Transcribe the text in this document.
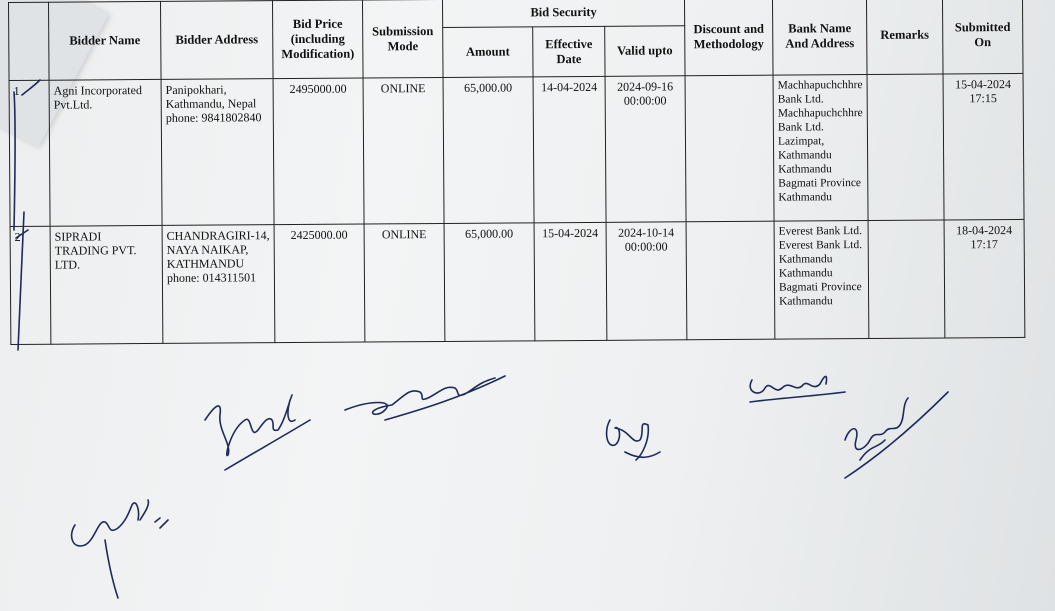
	Bidder Name	Bidder Address	Bid Price (including Modification)	Submission Mode	Bid Security			Discount and Methodology	Bank Name And Address	Remarks	Submitted On
					Amount	Effective Date	Valid upto				
1	Agni Incorporated Pvt.Ltd.	Panipokhari, Kathmandu, Nepal phone: 9841802840	2495000.00	ONLINE	65,000.00	14-04-2024	2024-09-16 00:00:00		Machhapuchchhre Bank Ltd. Machhapuchchhre Bank Ltd. Lazimpat, Kathmandu Kathmandu Bagmati Province Kathmandu		15-04-2024 17:15
2	SIPRADI TRADING PVT. LTD.	CHANDRAGIRI-14, NAYA NAIKAP, KATHMANDU phone: 014311501	2425000.00	ONLINE	65,000.00	15-04-2024	2024-10-14 00:00:00		Everest Bank Ltd. Everest Bank Ltd. Kathmandu Kathmandu Bagmati Province Kathmandu		18-04-2024 17:17
